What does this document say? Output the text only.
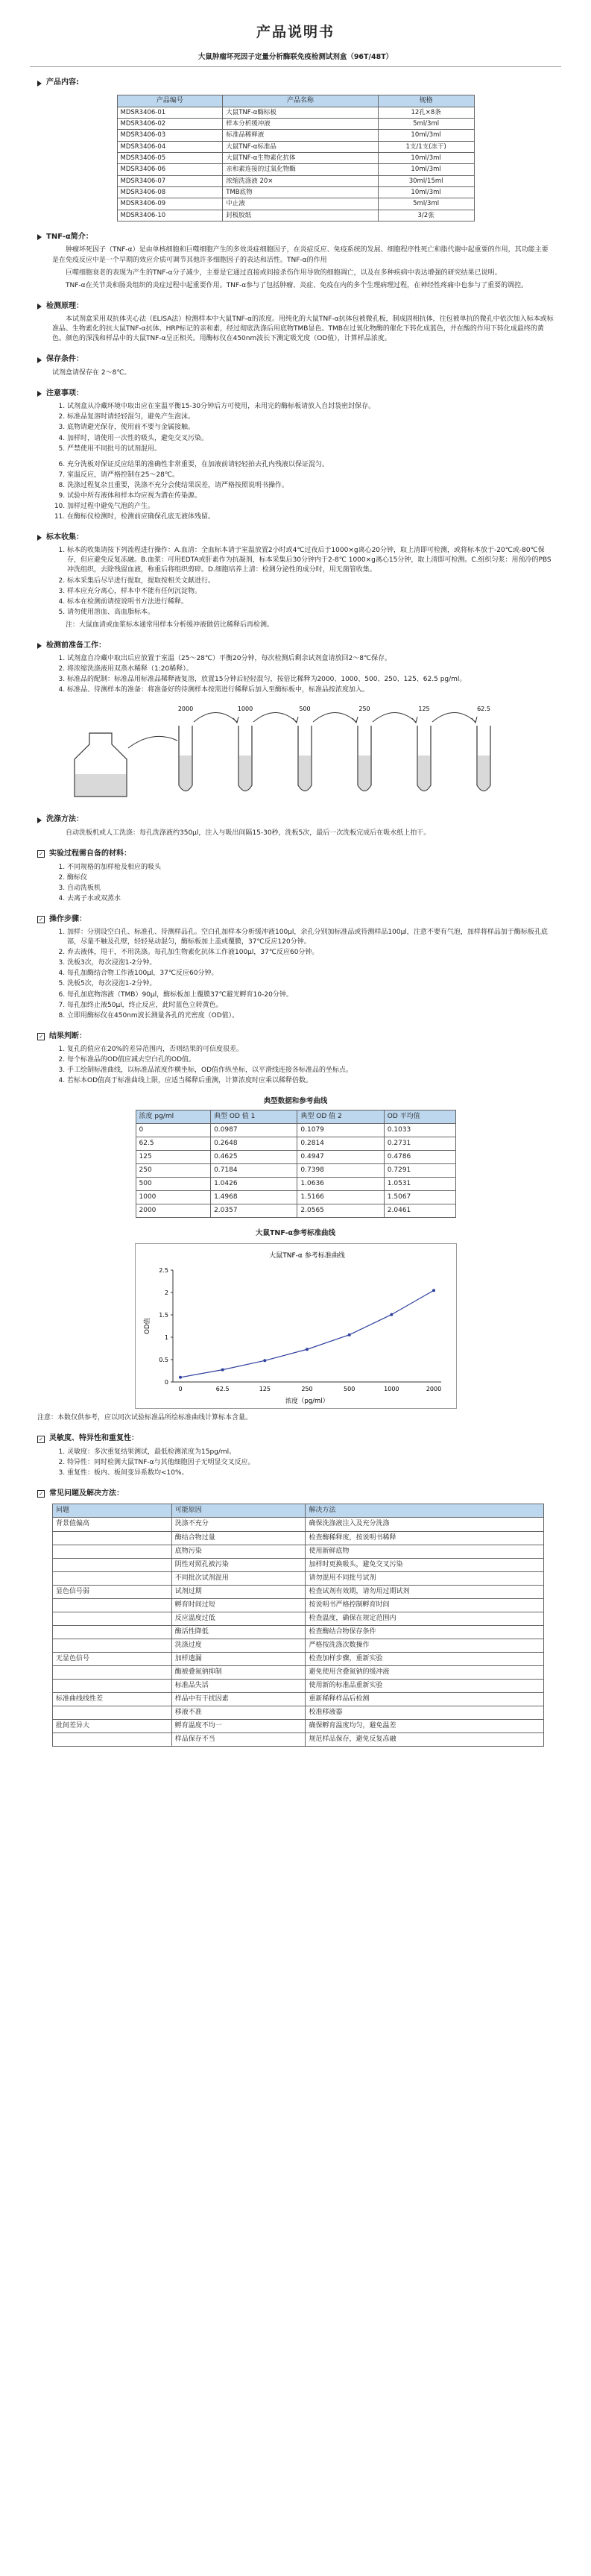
产品说明书
大鼠肿瘤坏死因子定量分析酶联免疫检测试剂盒（96T/48T）
产品内容:
产品编号	产品名称	规格
MDSR3406-01	大鼠TNF-α酶标板	12孔×8条
MDSR3406-02	样本分析缓冲液	5ml/3ml
MDSR3406-03	标准品稀释液	10ml/3ml
MDSR3406-04	大鼠TNF-α标准品	1支/1支(冻干)
MDSR3406-05	大鼠TNF-α生物素化抗体	10ml/3ml
MDSR3406-06	亲和素连接的过氧化物酶	10ml/3ml
MDSR3406-07	浓缩洗涤液 20×	30ml/15ml
MDSR3406-08	TMB底物	10ml/3ml
MDSR3406-09	中止液	5ml/3ml
MDSR3406-10	封板胶纸	3/2张
TNF-α简介：

肿瘤坏死因子（TNF-α）是由单核细胞和巨噬细胞产生的多效炎症细胞因子，在炎症反应、免疫系统的发展、细胞程序性死亡和脂代谢中起重要的作用，其功能主要是在免疫反应中是一个早期的效应介质可调节其他许多细胞因子的表达和活性。TNF-α的作用

巨噬细胞衰老的表现为产生的TNF-α分子减少，主要是它通过直接或间接杀伤作用导致的细胞凋亡，以及在多种疾病中表达增强的研究结果已说明。

TNF-α在关节炎和肠炎组织的炎症过程中起重要作用。TNF-α参与了包括肿瘤、炎症、免疫在内的多个生理病理过程，在神经性疼痛中也参与了重要的调控。

检测原理：

本试剂盒采用双抗体夹心法（ELISA法）检测样本中大鼠TNF-α的浓度。用纯化的大鼠TNF-α抗体包被微孔板，制成固相抗体，往包被单抗的微孔中依次加入标本或标准品、生物素化的抗大鼠TNF-α抗体、HRP标记的亲和素，经过彻底洗涤后用底物TMB显色。TMB在过氧化物酶的催化下转化成蓝色，并在酸的作用下转化成最终的黄色。颜色的深浅和样品中的大鼠TNF-α呈正相关。用酶标仪在450nm波长下测定吸光度（OD值），计算样品浓度。

保存条件：

试剂盒请保存在 2～8℃。

注意事项：
1. 试剂盒从冷藏环境中取出应在室温平衡15-30分钟后方可使用，未用完的酶标板请放入自封袋密封保存。
2. 标准品复溶时请轻轻混匀，避免产生泡沫。
3. 底物请避光保存，使用前不要与金属接触。
4. 加样时，请使用一次性的吸头，避免交叉污染。
5. 严禁使用不同批号的试剂混用。
6. 充分洗板对保证反应结果的准确性非常重要，在加液前请轻轻拍去孔内残液以保证混匀。
7. 室温反应，请严格控制在25～28℃。
8. 洗涤过程复杂且重要，洗涤不充分会使结果误差，请严格按照说明书操作。
9. 试验中所有液体和样本均应视为潜在传染源。
10. 加样过程中避免气泡的产生。
11. 在酶标仪检测时，检测前应确保孔底无液体残留。
标本收集：
1. 标本的收集请按下列流程进行操作：A.血清：全血标本请于室温放置2小时或4℃过夜后于1000×g离心20分钟，取上清即可检测，或将标本放于-20℃或-80℃保存，但应避免反复冻融。B.血浆：可用EDTA或肝素作为抗凝剂，标本采集后30分钟内于2-8℃ 1000×g离心15分钟，取上清即可检测。C.组织匀浆：用预冷的PBS冲洗组织，去除残留血液，称重后将组织剪碎。D.细胞培养上清：检测分泌性的成分时，用无菌管收集。
2. 标本采集后尽早进行提取，提取按相关文献进行。
3. 样本应充分离心，样本中不能有任何沉淀物。
4. 标本在检测前请按说明书方法进行稀释。
5. 请勿使用溶血、高血脂标本。

注：大鼠血清或血浆标本通常用样本分析缓冲液做倍比稀释后再检测。

检测前准备工作：
1. 试剂盒自冷藏中取出后应放置于室温（25～28℃）平衡20分钟，每次检测后剩余试剂盒请放回2～8℃保存。
2. 将浓缩洗涤液用双蒸水稀释（1:20稀释）。
3. 标准品的配制：标准品用标准品稀释液复溶，放置15分钟后轻轻混匀，按倍比稀释为2000、1000、500、250、125、62.5 pg/ml。
4. 标准品、待测样本的准备：将准备好的待测样本按需进行稀释后加入至酶标板中，标准品按浓度加入。
2000	1000	500	250	125	62.5
洗涤方法：

自动洗板机或人工洗涤：每孔洗涤液约350μl，注入与吸出间隔15-30秒，洗板5次，最后一次洗板完成后在吸水纸上拍干。

✓ 实验过程需自备的材料：
1. 不同规格的加样枪及相应的吸头
2. 酶标仪
3. 自动洗板机
4. 去离子水或双蒸水
✓ 操作步骤：
1. 加样：分别设空白孔、标准孔、待测样品孔。空白孔加样本分析缓冲液100μl，余孔分别加标准品或待测样品100μl，注意不要有气泡，加样将样品加于酶标板孔底部，尽量不触及孔壁，轻轻晃动混匀，酶标板加上盖或覆膜，37℃反应120分钟。
2. 弃去液体，甩干，不用洗涤。每孔加生物素化抗体工作液100μl，37℃反应60分钟。
3. 洗板3次，每次浸泡1-2分钟。
4. 每孔加酶结合物工作液100μl，37℃反应60分钟。
5. 洗板5次，每次浸泡1-2分钟。
6. 每孔加底物溶液（TMB）90μl，酶标板加上覆膜37℃避光孵育10-20分钟。
7. 每孔加终止液50μl，终止反应，此时蓝色立转黄色。
8. 立即用酶标仪在450nm波长测量各孔的光密度（OD值）。
✓ 结果判断：
1. 复孔的值应在20%的差异范围内，否则结果的可信度很差。
2. 每个标准品的OD值应减去空白孔的OD值。
3. 手工绘制标准曲线，以标准品浓度作横坐标，OD值作纵坐标，以平滑线连接各标准品的坐标点。
4. 若标本OD值高于标准曲线上限，应适当稀释后重测，计算浓度时应乘以稀释倍数。
典型数据和参考曲线
浓度 pg/ml	典型 OD 值 1	典型 OD 值 2	OD 平均值
0	0.0987	0.1079	0.1033
62.5	0.2648	0.2814	0.2731
125	0.4625	0.4947	0.4786
250	0.7184	0.7398	0.7291
500	1.0426	1.0636	1.0531
1000	1.4968	1.5166	1.5067
2000	2.0357	2.0565	2.0461
大鼠TNF-α参考标准曲线
大鼠TNF-α 参考标准曲线
0
0.5
1
1.5
2
2.5
0	62.5	125	250	500	1000	2000
浓度（pg/ml）
OD值
注意：本数仅供参考，应以同次试验标准品所绘标准曲线计算标本含量。
✓ 灵敏度、特异性和重复性：
1. 灵敏度：多次重复结果测试，最低检测浓度为15pg/ml。
2. 特异性：同时检测大鼠TNF-α与其他细胞因子无明显交叉反应。
3. 重复性：板内、板间变异系数均<10%。
✓ 常见问题及解决方法：
问题	可能原因	解决方法
背景值偏高	洗涤不充分	确保洗涤液注入及充分洗涤
	酶结合物过量	检查酶稀释度，按说明书稀释
	底物污染	使用新鲜底物
	阴性对照孔被污染	加样时更换吸头，避免交叉污染
	不同批次试剂混用	请勿混用不同批号试剂
显色信号弱	试剂过期	检查试剂有效期，请勿用过期试剂
	孵育时间过短	按说明书严格控制孵育时间
	反应温度过低	检查温度，确保在规定范围内
	酶活性降低	检查酶结合物保存条件
	洗涤过度	严格按洗涤次数操作
无显色信号	加样遗漏	检查加样步骤，重新实验
	酶被叠氮钠抑制	避免使用含叠氮钠的缓冲液
	标准品失活	使用新的标准品重新实验
标准曲线线性差	样品中有干扰因素	重新稀释样品后检测
	移液不准	校准移液器
批间差异大	孵育温度不均一	确保孵育温度均匀，避免温差
	样品保存不当	规范样品保存，避免反复冻融
